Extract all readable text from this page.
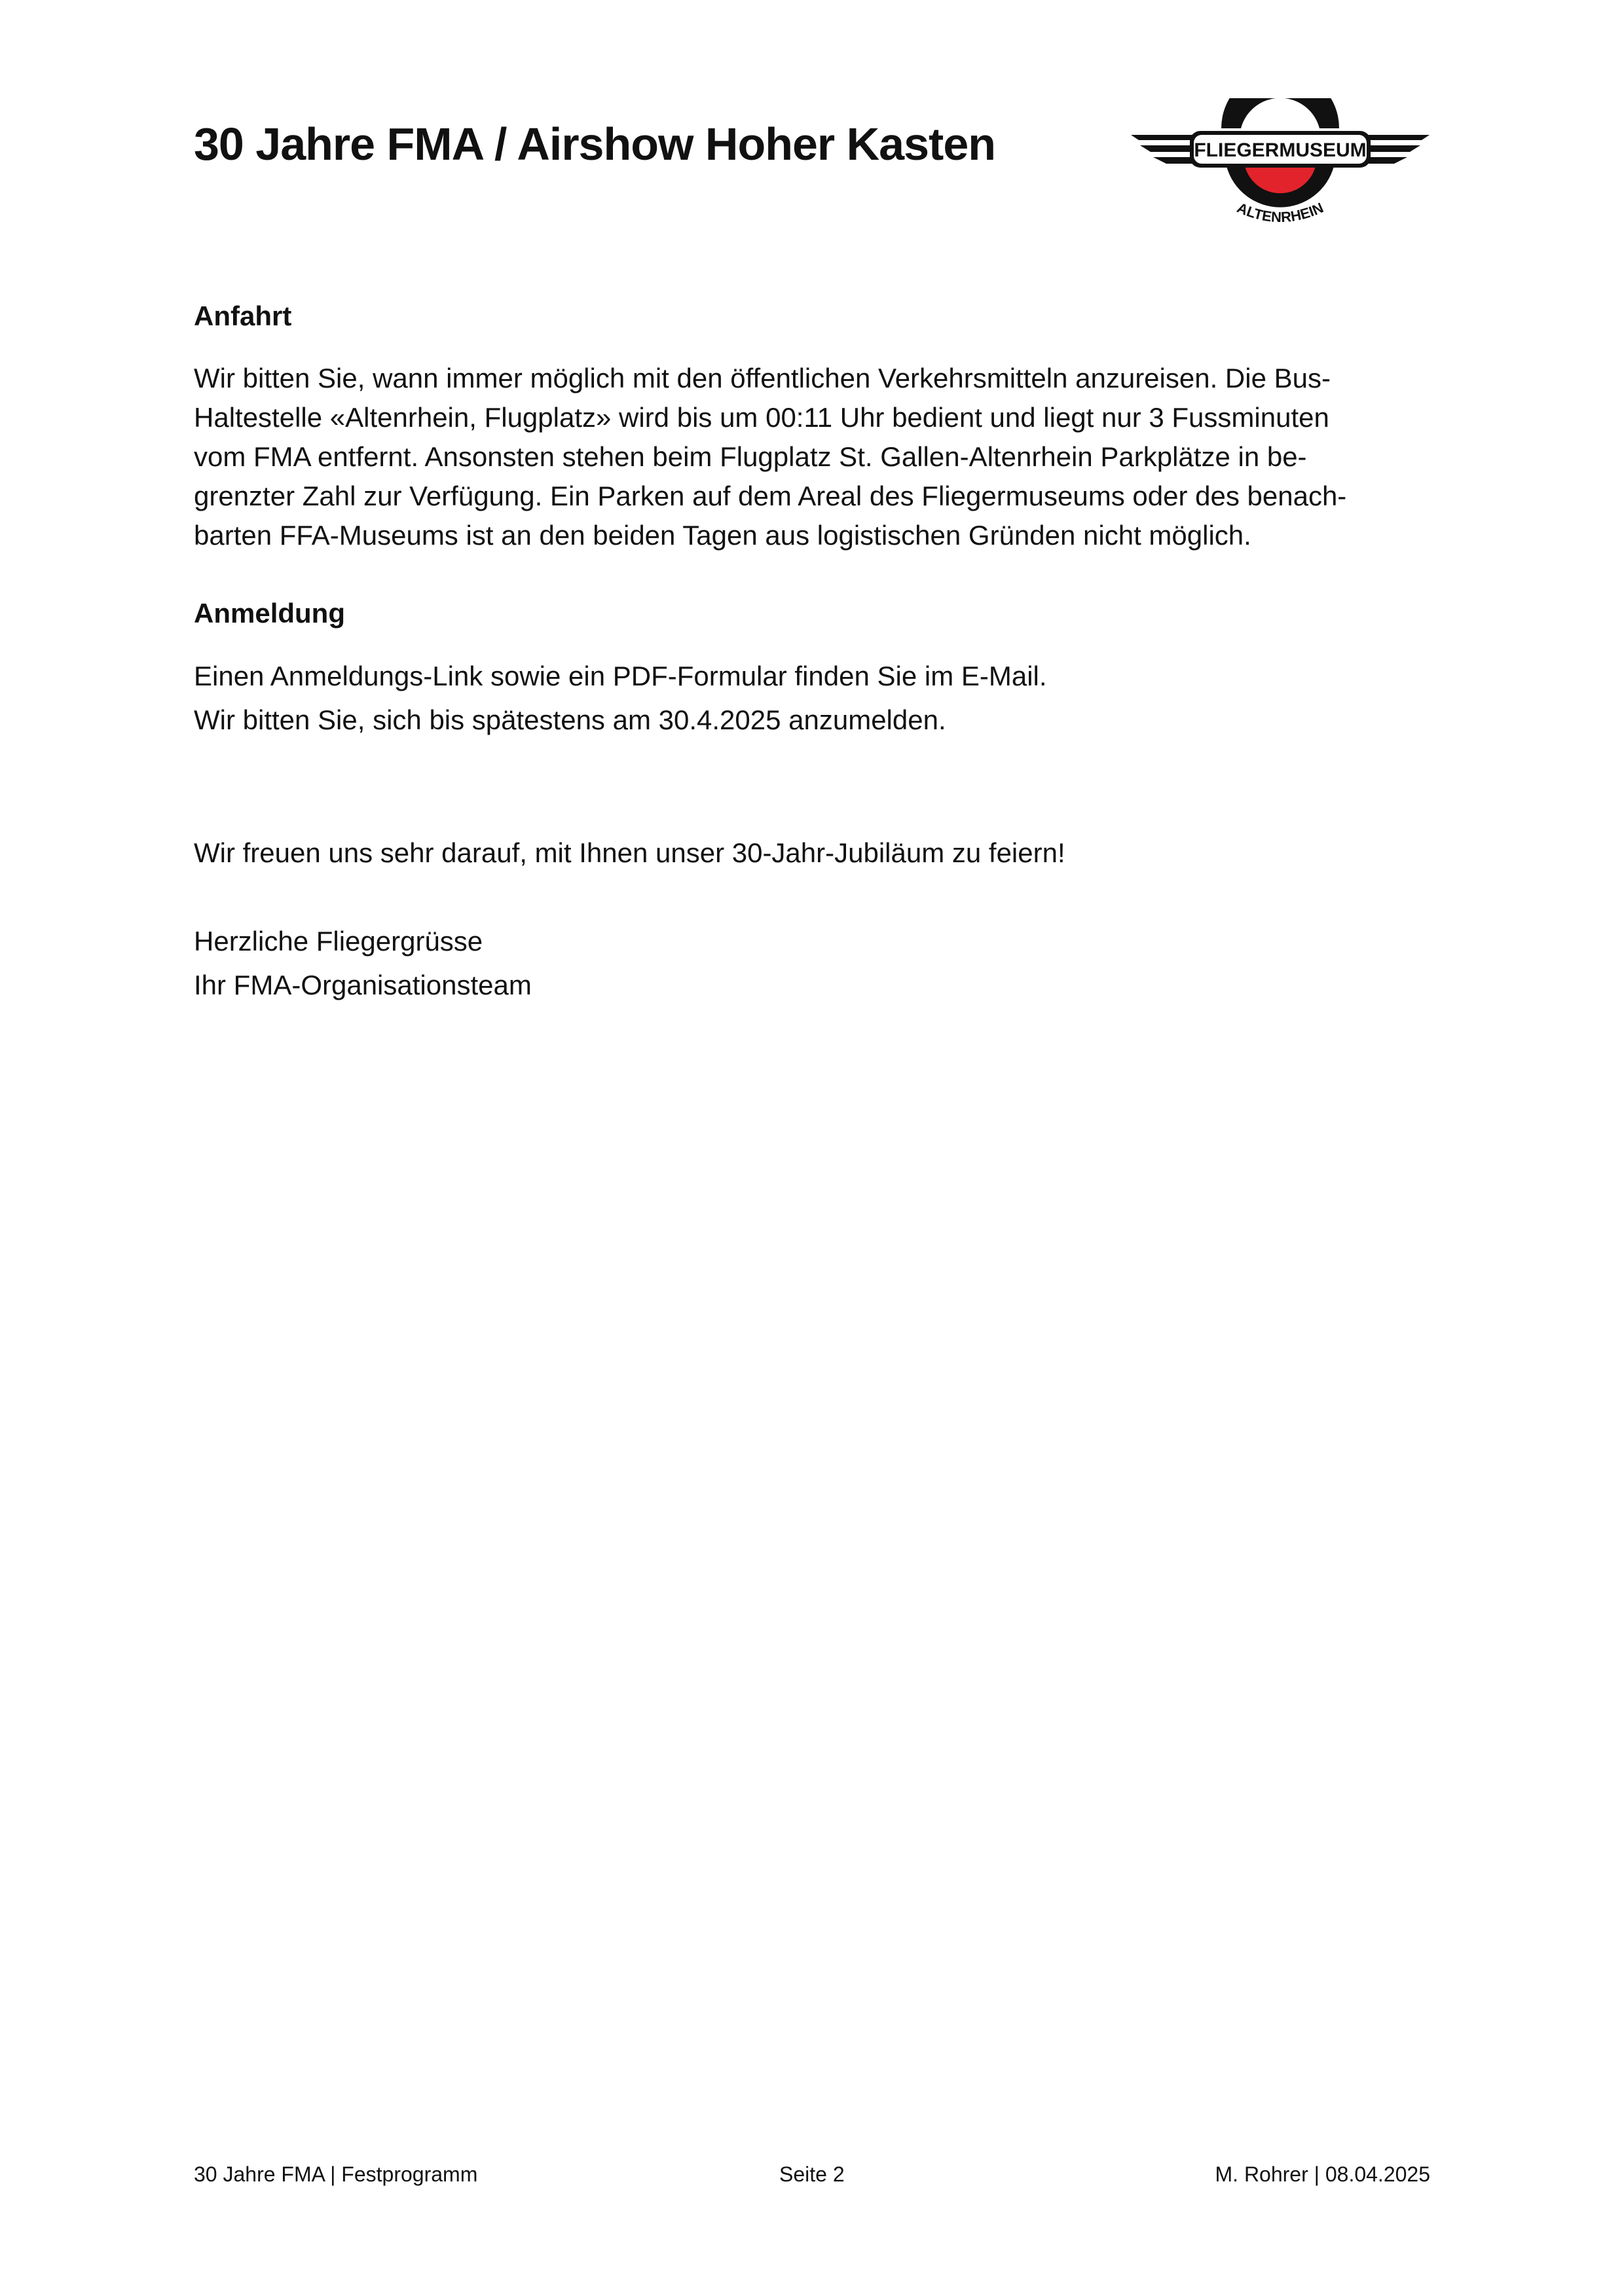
30 Jahre FMA / Airshow Hoher Kasten	FLIEGERMUSEUM
ALTENRHEIN
Anfahrt

Wir bitten Sie, wann immer möglich mit den öffentlichen Verkehrsmitteln anzureisen. Die Bus-
Haltestelle «Altenrhein, Flugplatz» wird bis um 00:11 Uhr bedient und liegt nur 3 Fussminuten
vom FMA entfernt. Ansonsten stehen beim Flugplatz St. Gallen-Altenrhein Parkplätze in be-
grenzter Zahl zur Verfügung. Ein Parken auf dem Areal des Fliegermuseums oder des benach-
barten FFA-Museums ist an den beiden Tagen aus logistischen Gründen nicht möglich.

Anmeldung

Einen Anmeldungs-Link sowie ein PDF-Formular finden Sie im E-Mail.

Wir bitten Sie, sich bis spätestens am 30.4.2025 anzumelden.

Wir freuen uns sehr darauf, mit Ihnen unser 30-Jahr-Jubiläum zu feiern!

Herzliche Fliegergrüsse

Ihr FMA-Organisationsteam

30 Jahre FMA | Festprogramm	Seite 2	M. Rohrer | 08.04.2025
